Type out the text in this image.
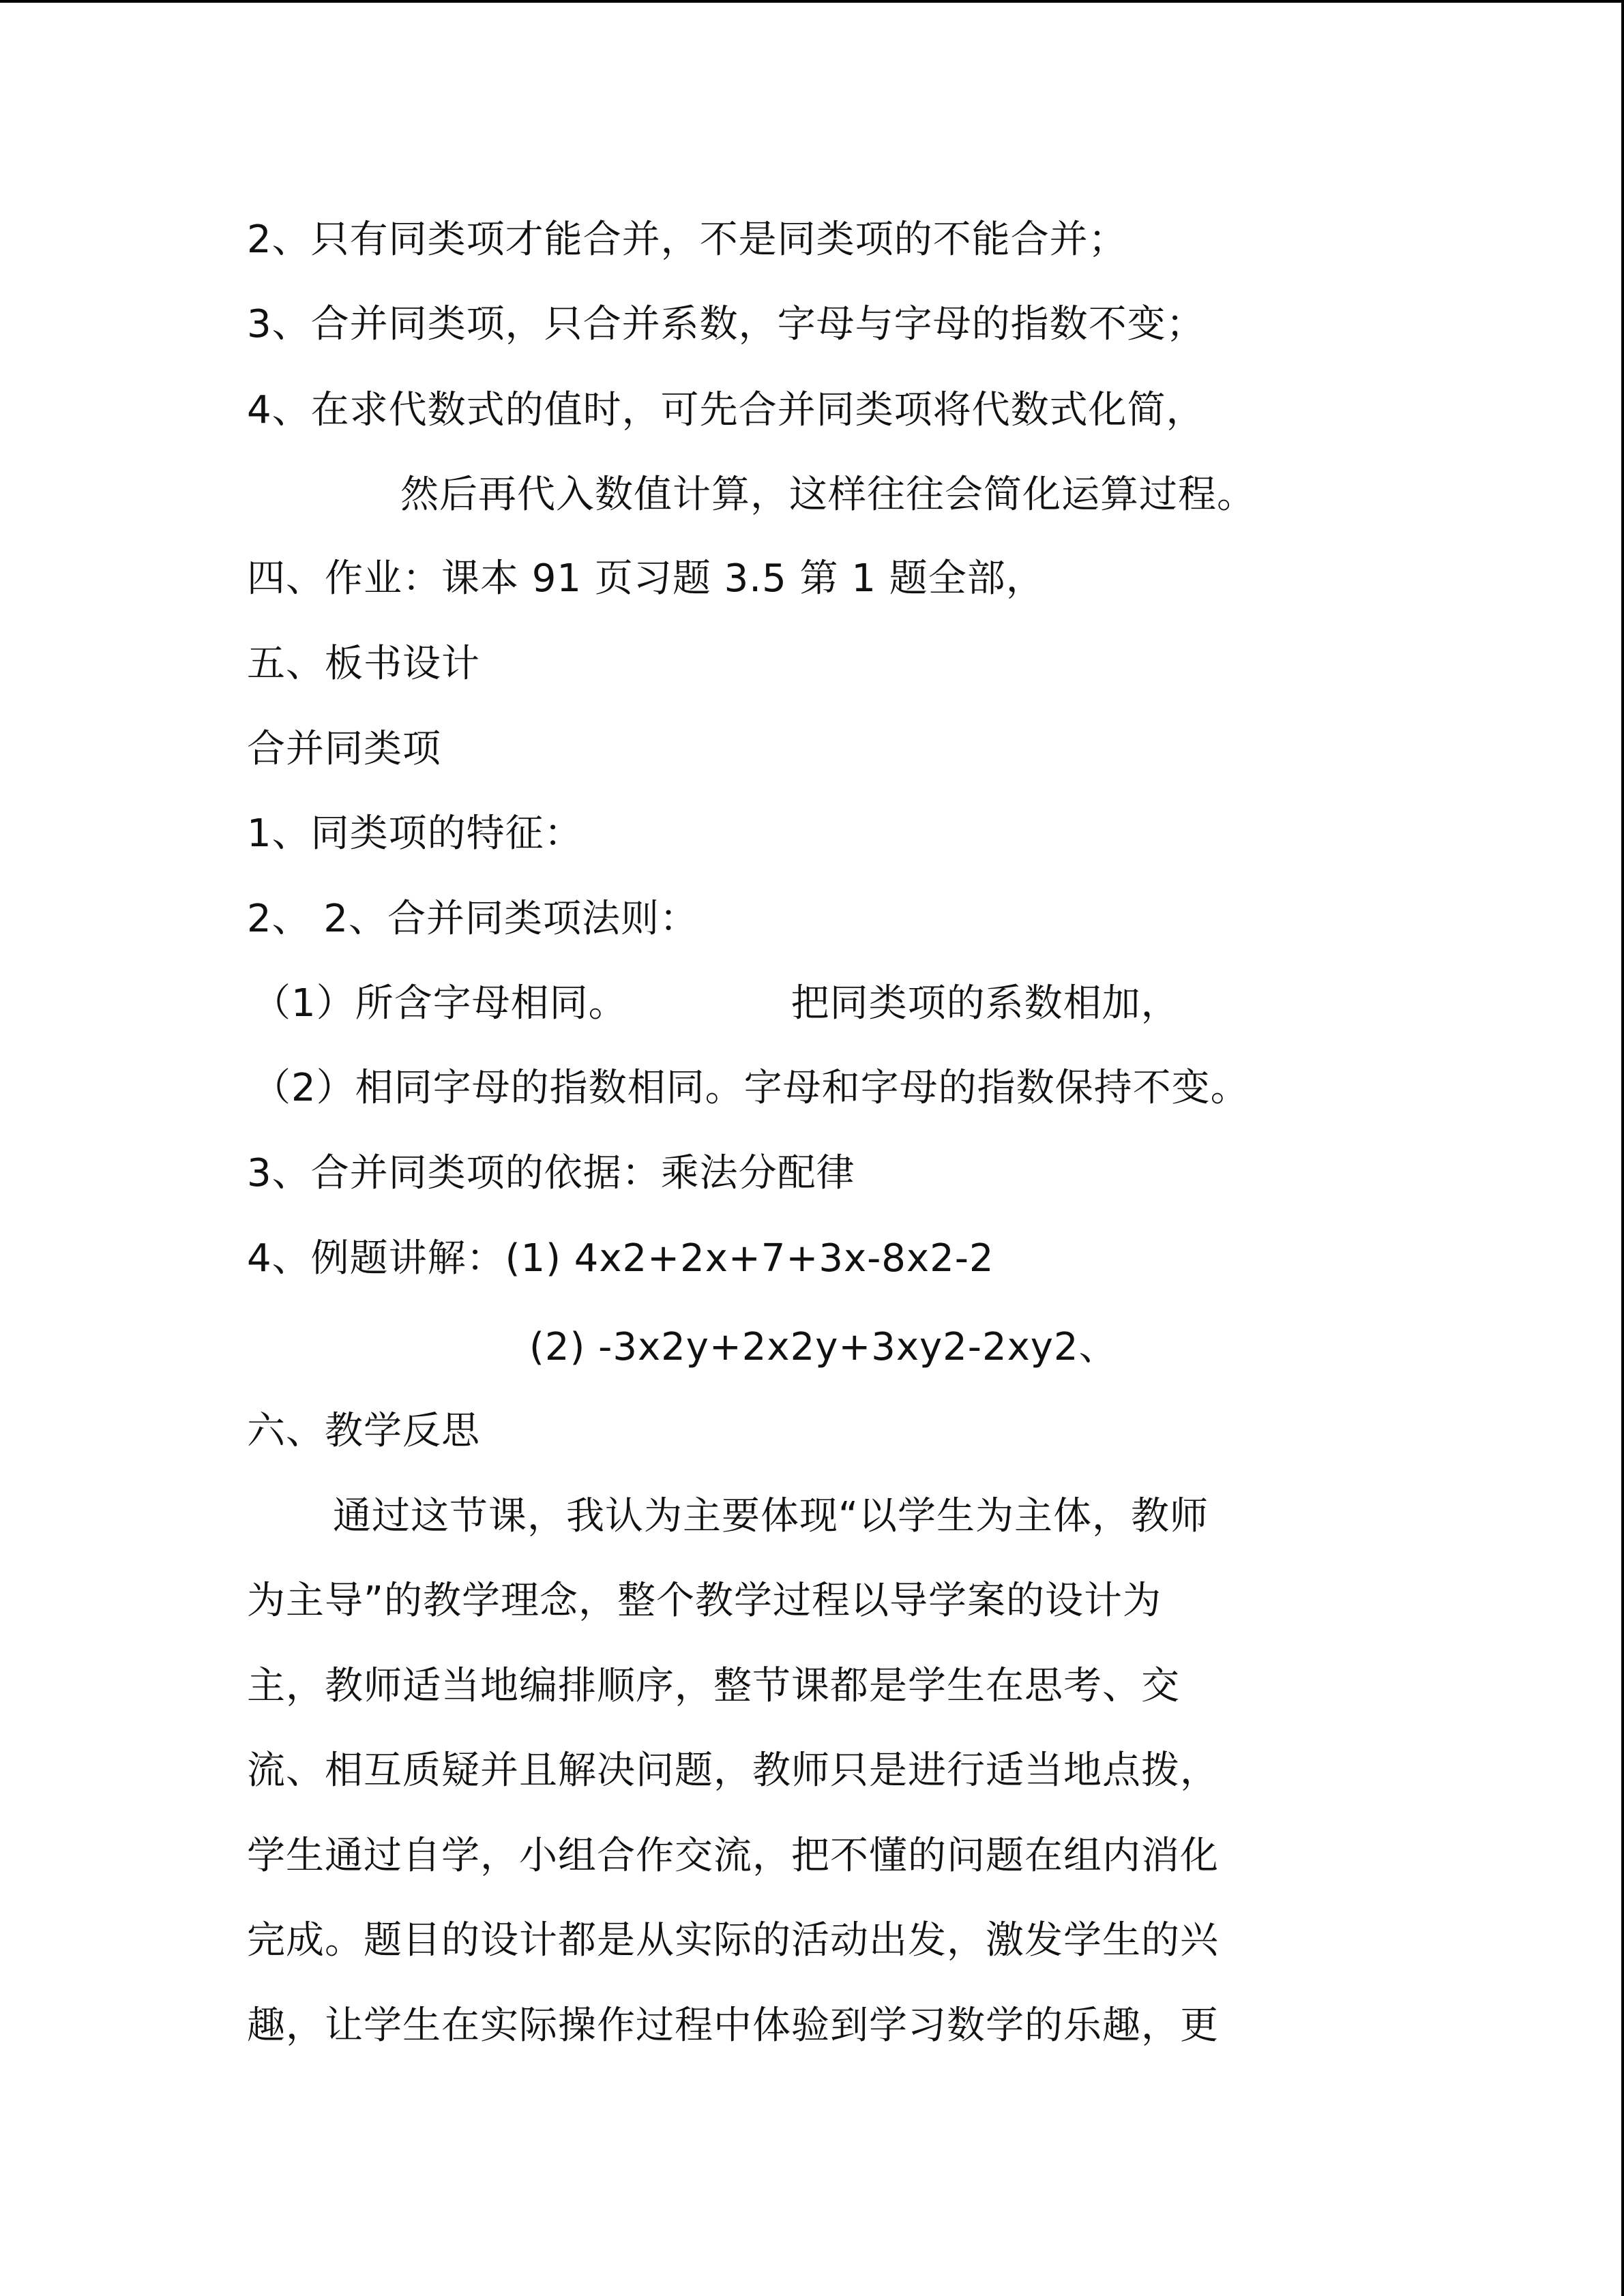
2、只有同类项才能合并，不是同类项的不能合并；
3、合并同类项，只合并系数，字母与字母的指数不变；
4、在求代数式的值时，可先合并同类项将代数式化简，
然后再代入数值计算，这样往往会简化运算过程。
四、作业：课本 91 页习题 3.5 第 1 题全部，
五、板书设计
合并同类项
1、同类项的特征：
2、 2、合并同类项法则：
（1）所含字母相同。	把同类项的系数相加，
（2）相同字母的指数相同。字母和字母的指数保持不变。
3、合并同类项的依据：乘法分配律
4、例题讲解：(1) 4x2+2x+7+3x-8x2-2
(2) -3x2y+2x2y+3xy2-2xy2、
六、教学反思
通过这节课，我认为主要体现“以学生为主体，教师
为主导”的教学理念，整个教学过程以导学案的设计为
主，教师适当地编排顺序，整节课都是学生在思考、交
流、相互质疑并且解决问题，教师只是进行适当地点拨，
学生通过自学，小组合作交流，把不懂的问题在组内消化
完成。题目的设计都是从实际的活动出发，激发学生的兴
趣，让学生在实际操作过程中体验到学习数学的乐趣，更
